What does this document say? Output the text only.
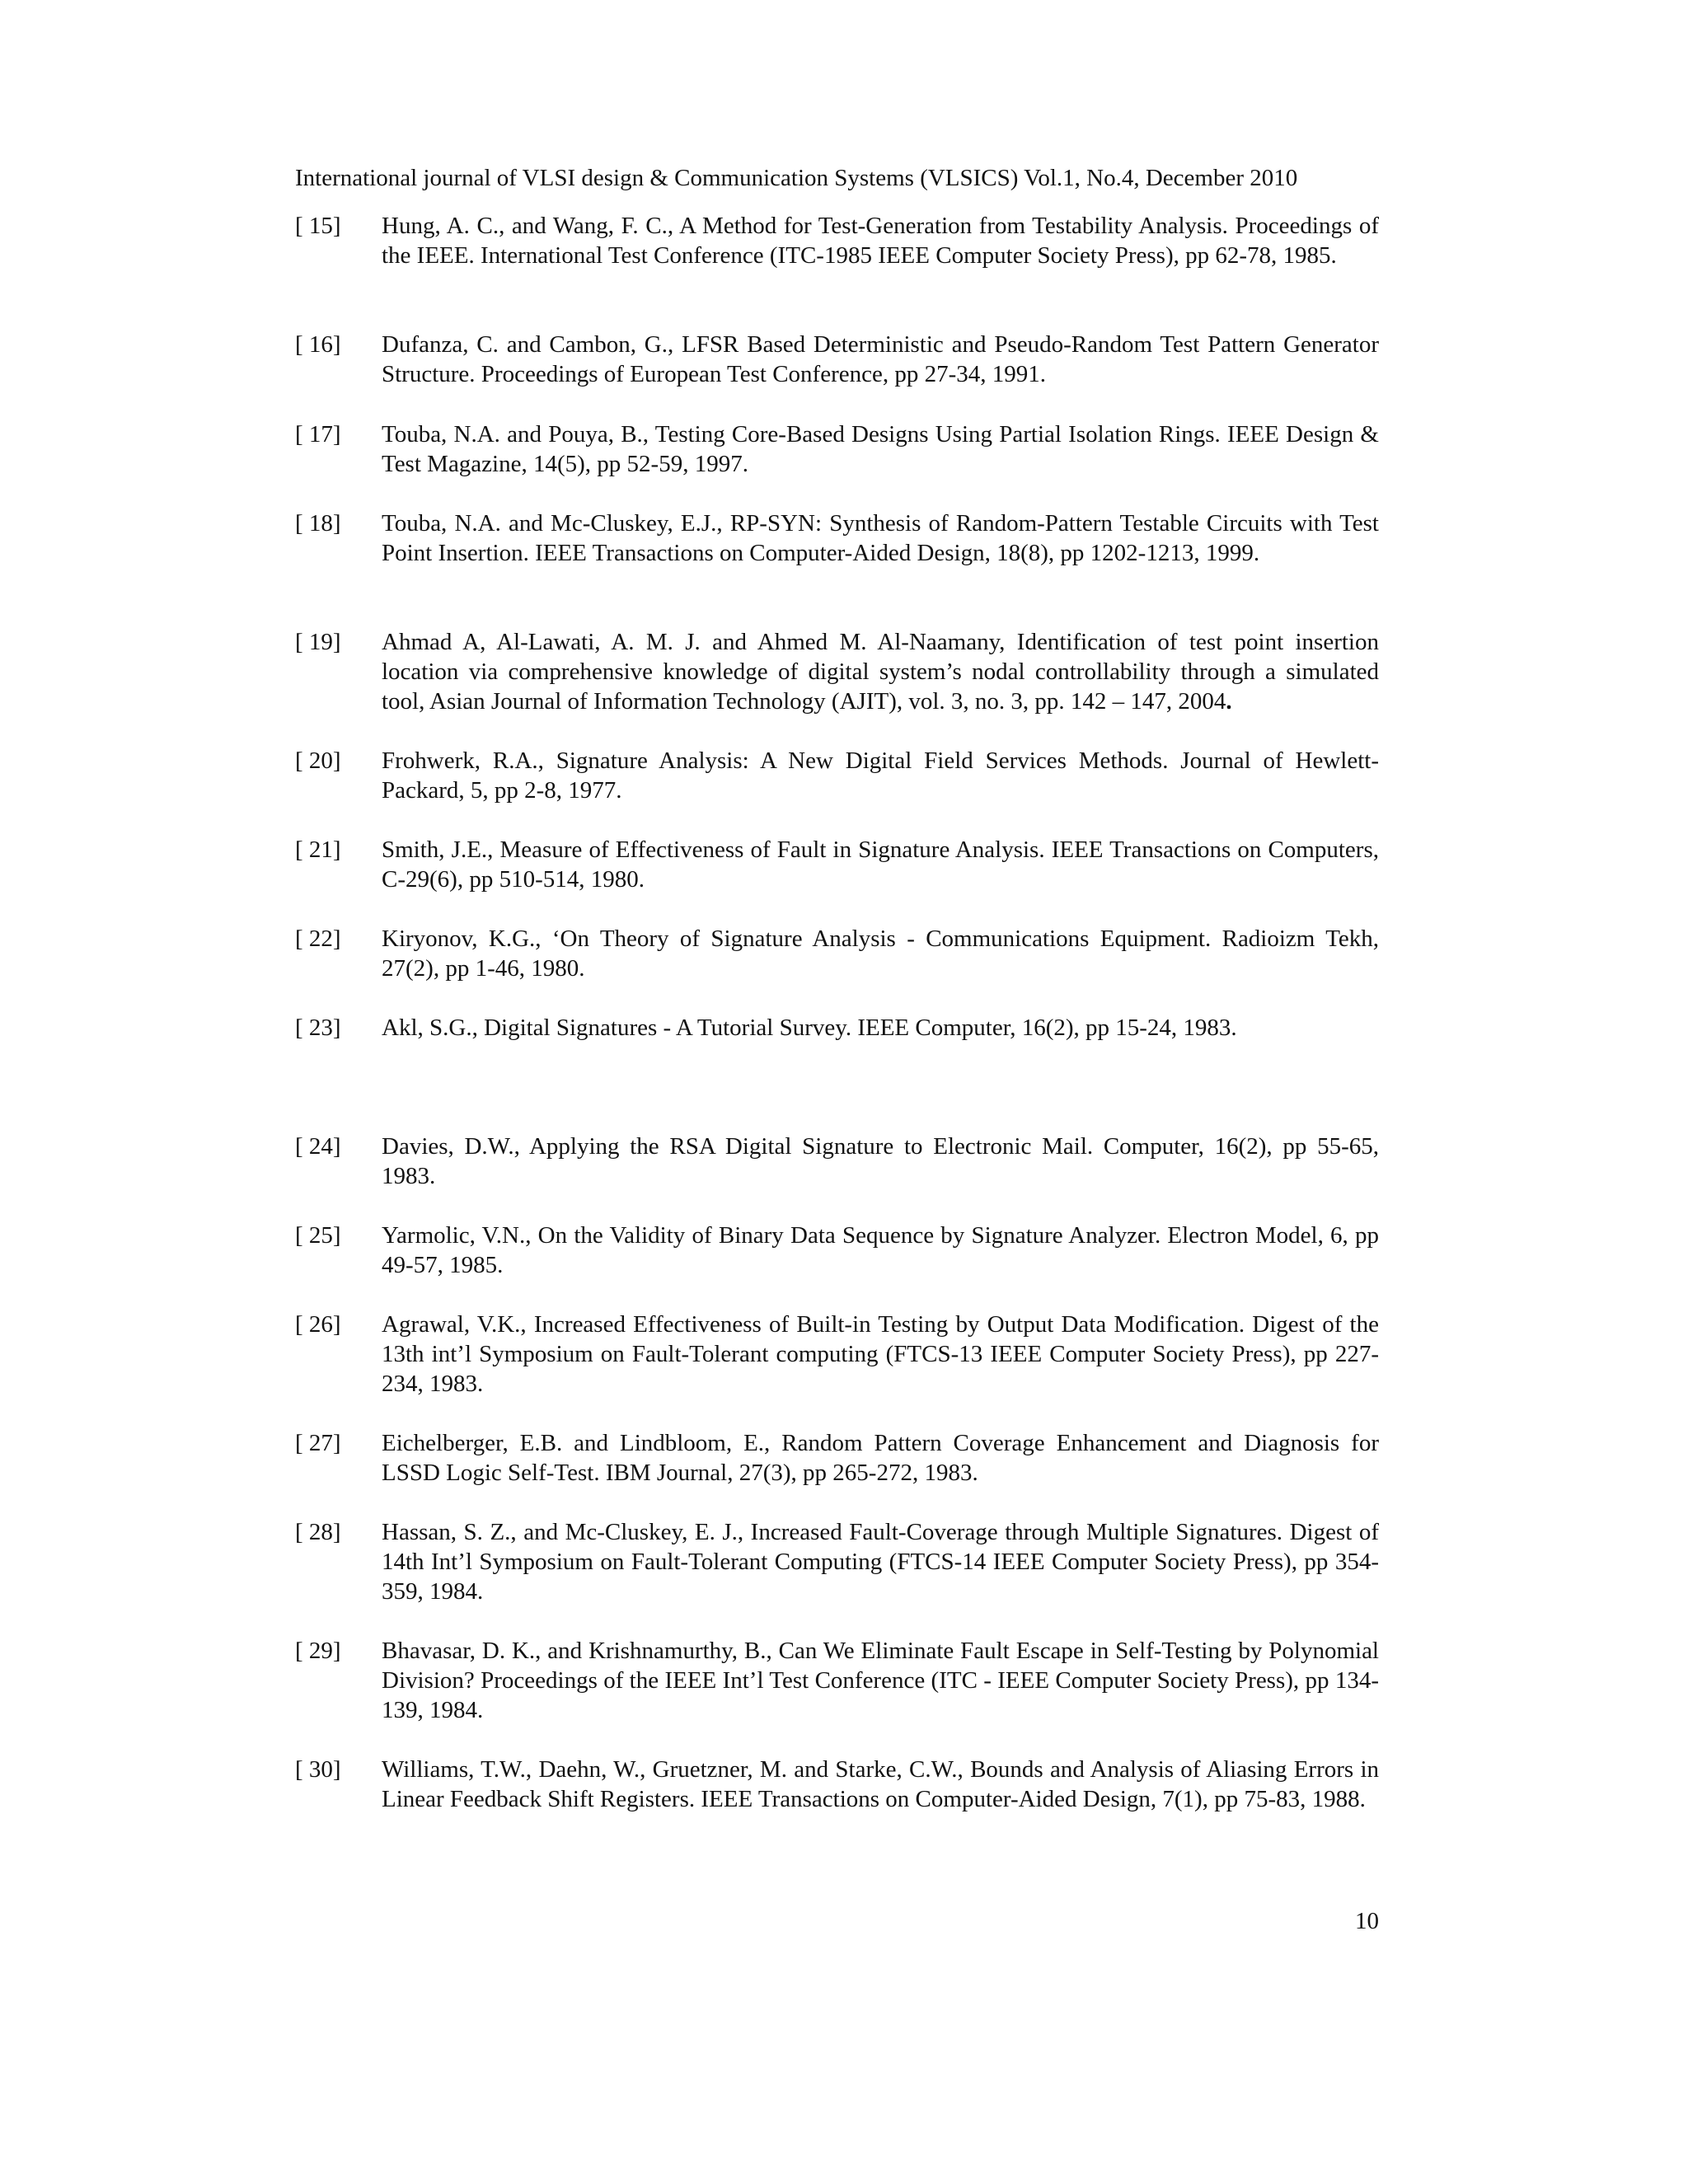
International journal of VLSI design & Communication Systems (VLSICS) Vol.1, No.4, December 2010
[ 15] Hung, A. C., and Wang, F. C., A Method for Test-Generation from Testability Analysis. Proceedings of the IEEE. International Test Conference (ITC-1985 IEEE Computer Society Press), pp 62-78, 1985.
[ 16] Dufanza, C. and Cambon, G., LFSR Based Deterministic and Pseudo-Random Test Pattern Generator Structure. Proceedings of European Test Conference, pp 27-34, 1991.
[ 17] Touba, N.A. and Pouya, B., Testing Core-Based Designs Using Partial Isolation Rings. IEEE Design & Test Magazine, 14(5), pp 52-59, 1997.
[ 18] Touba, N.A. and Mc-Cluskey, E.J., RP-SYN: Synthesis of Random-Pattern Testable Circuits with Test Point Insertion. IEEE Transactions on Computer-Aided Design, 18(8), pp 1202-1213, 1999.
[ 19] Ahmad A, Al-Lawati, A. M. J. and Ahmed M. Al-Naamany, Identification of test point insertion location via comprehensive knowledge of digital system’s nodal controllability through a simulated tool, Asian Journal of Information Technology (AJIT), vol. 3, no. 3, pp. 142 – 147, 2004.
[ 20] Frohwerk, R.A., Signature Analysis: A New Digital Field Services Methods. Journal of Hewlett-Packard, 5, pp 2-8, 1977.
[ 21] Smith, J.E., Measure of Effectiveness of Fault in Signature Analysis. IEEE Transactions on Computers, C-29(6), pp 510-514, 1980.
[ 22] Kiryonov, K.G., ‘On Theory of Signature Analysis - Communications Equipment. Radioizm Tekh, 27(2), pp 1-46, 1980.
[ 23] Akl, S.G., Digital Signatures - A Tutorial Survey. IEEE Computer, 16(2), pp 15-24, 1983.
[ 24] Davies, D.W., Applying the RSA Digital Signature to Electronic Mail. Computer, 16(2), pp 55-65, 1983.
[ 25] Yarmolic, V.N., On the Validity of Binary Data Sequence by Signature Analyzer. Electron Model, 6, pp 49-57, 1985.
[ 26] Agrawal, V.K., Increased Effectiveness of Built-in Testing by Output Data Modification. Digest of the 13th int’l Symposium on Fault-Tolerant computing (FTCS-13 IEEE Computer Society Press), pp 227-234, 1983.
[ 27] Eichelberger, E.B. and Lindbloom, E., Random Pattern Coverage Enhancement and Diagnosis for LSSD Logic Self-Test. IBM Journal, 27(3), pp 265-272, 1983.
[ 28] Hassan, S. Z., and Mc-Cluskey, E. J., Increased Fault-Coverage through Multiple Signatures. Digest of 14th Int’l Symposium on Fault-Tolerant Computing (FTCS-14 IEEE Computer Society Press), pp 354-359, 1984.
[ 29] Bhavasar, D. K., and Krishnamurthy, B., Can We Eliminate Fault Escape in Self-Testing by Polynomial Division? Proceedings of the IEEE Int’l Test Conference (ITC - IEEE Computer Society Press), pp 134-139, 1984.
[ 30] Williams, T.W., Daehn, W., Gruetzner, M. and Starke, C.W., Bounds and Analysis of Aliasing Errors in Linear Feedback Shift Registers. IEEE Transactions on Computer-Aided Design, 7(1), pp 75-83, 1988.
10
